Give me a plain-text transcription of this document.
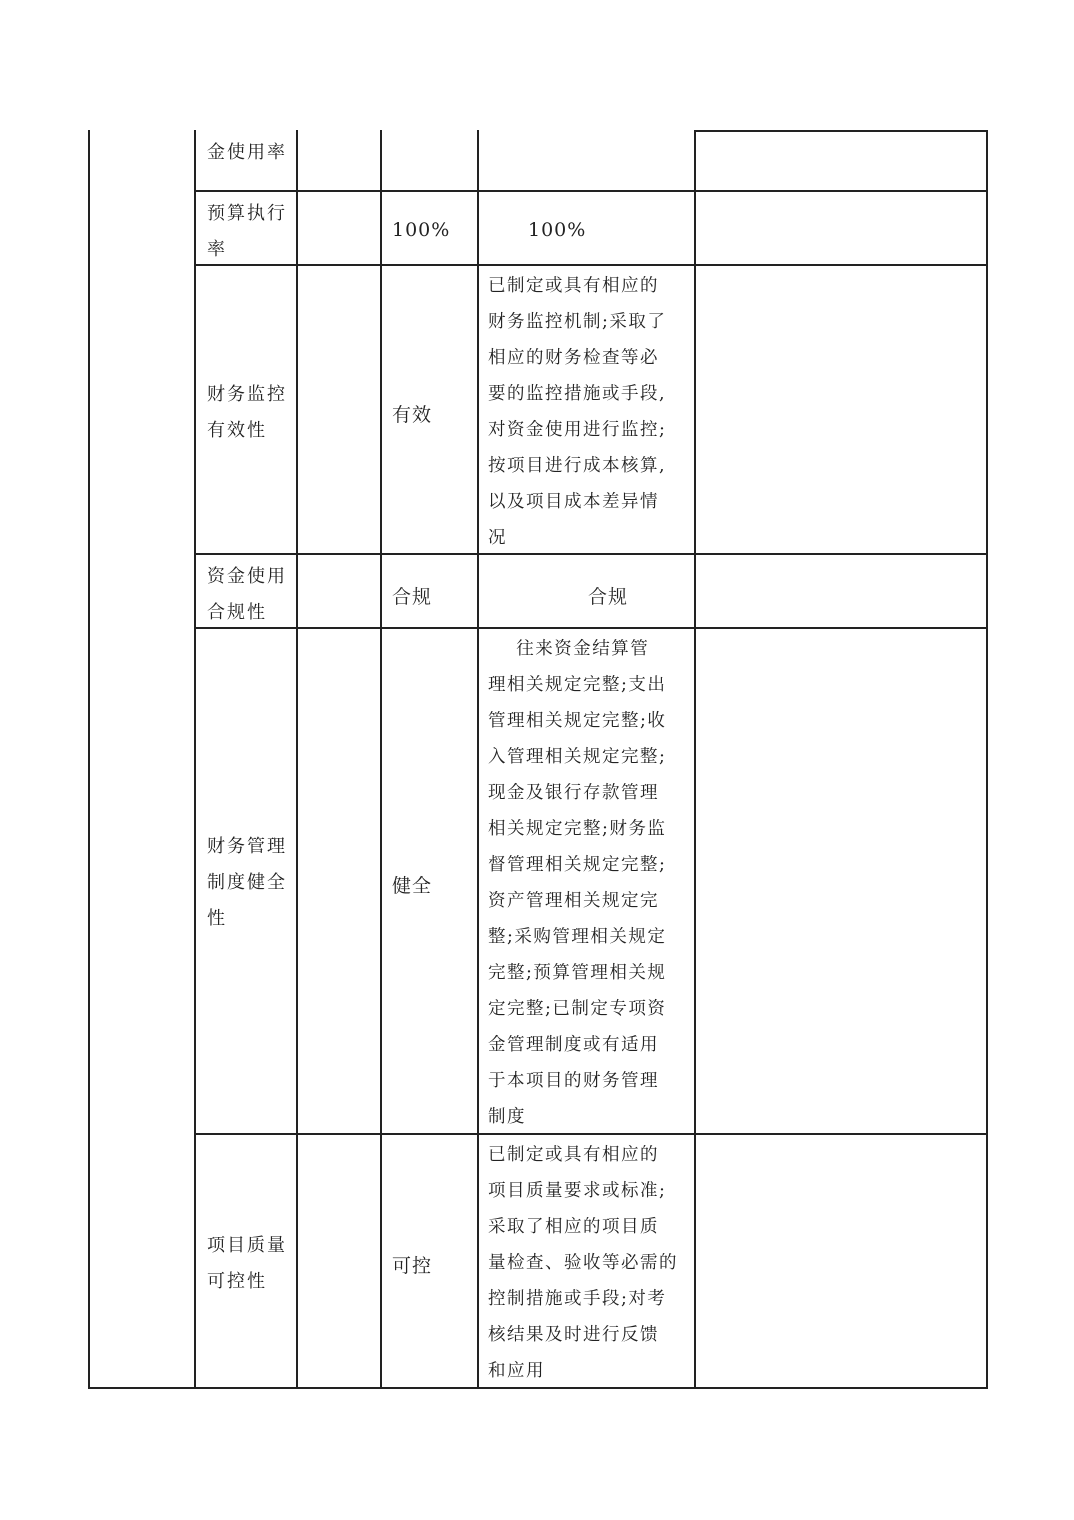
金使用率
预算执行
率
100%	100%
财务监控
有效性
有效
已制定或具有相应的
财务监控机制;采取了
相应的财务检查等必
要的监控措施或手段,
对资金使用进行监控;
按项目进行成本核算,
以及项目成本差异情
况
资金使用
合规性
合规	合规
财务管理
制度健全
性
健全
往来资金结算管
理相关规定完整;支出
管理相关规定完整;收
入管理相关规定完整;
现金及银行存款管理
相关规定完整;财务监
督管理相关规定完整;
资产管理相关规定完
整;采购管理相关规定
完整;预算管理相关规
定完整;已制定专项资
金管理制度或有适用
于本项目的财务管理
制度
项目质量
可控性
可控
已制定或具有相应的
项目质量要求或标准;
采取了相应的项目质
量检查、验收等必需的
控制措施或手段;对考
核结果及时进行反馈
和应用
